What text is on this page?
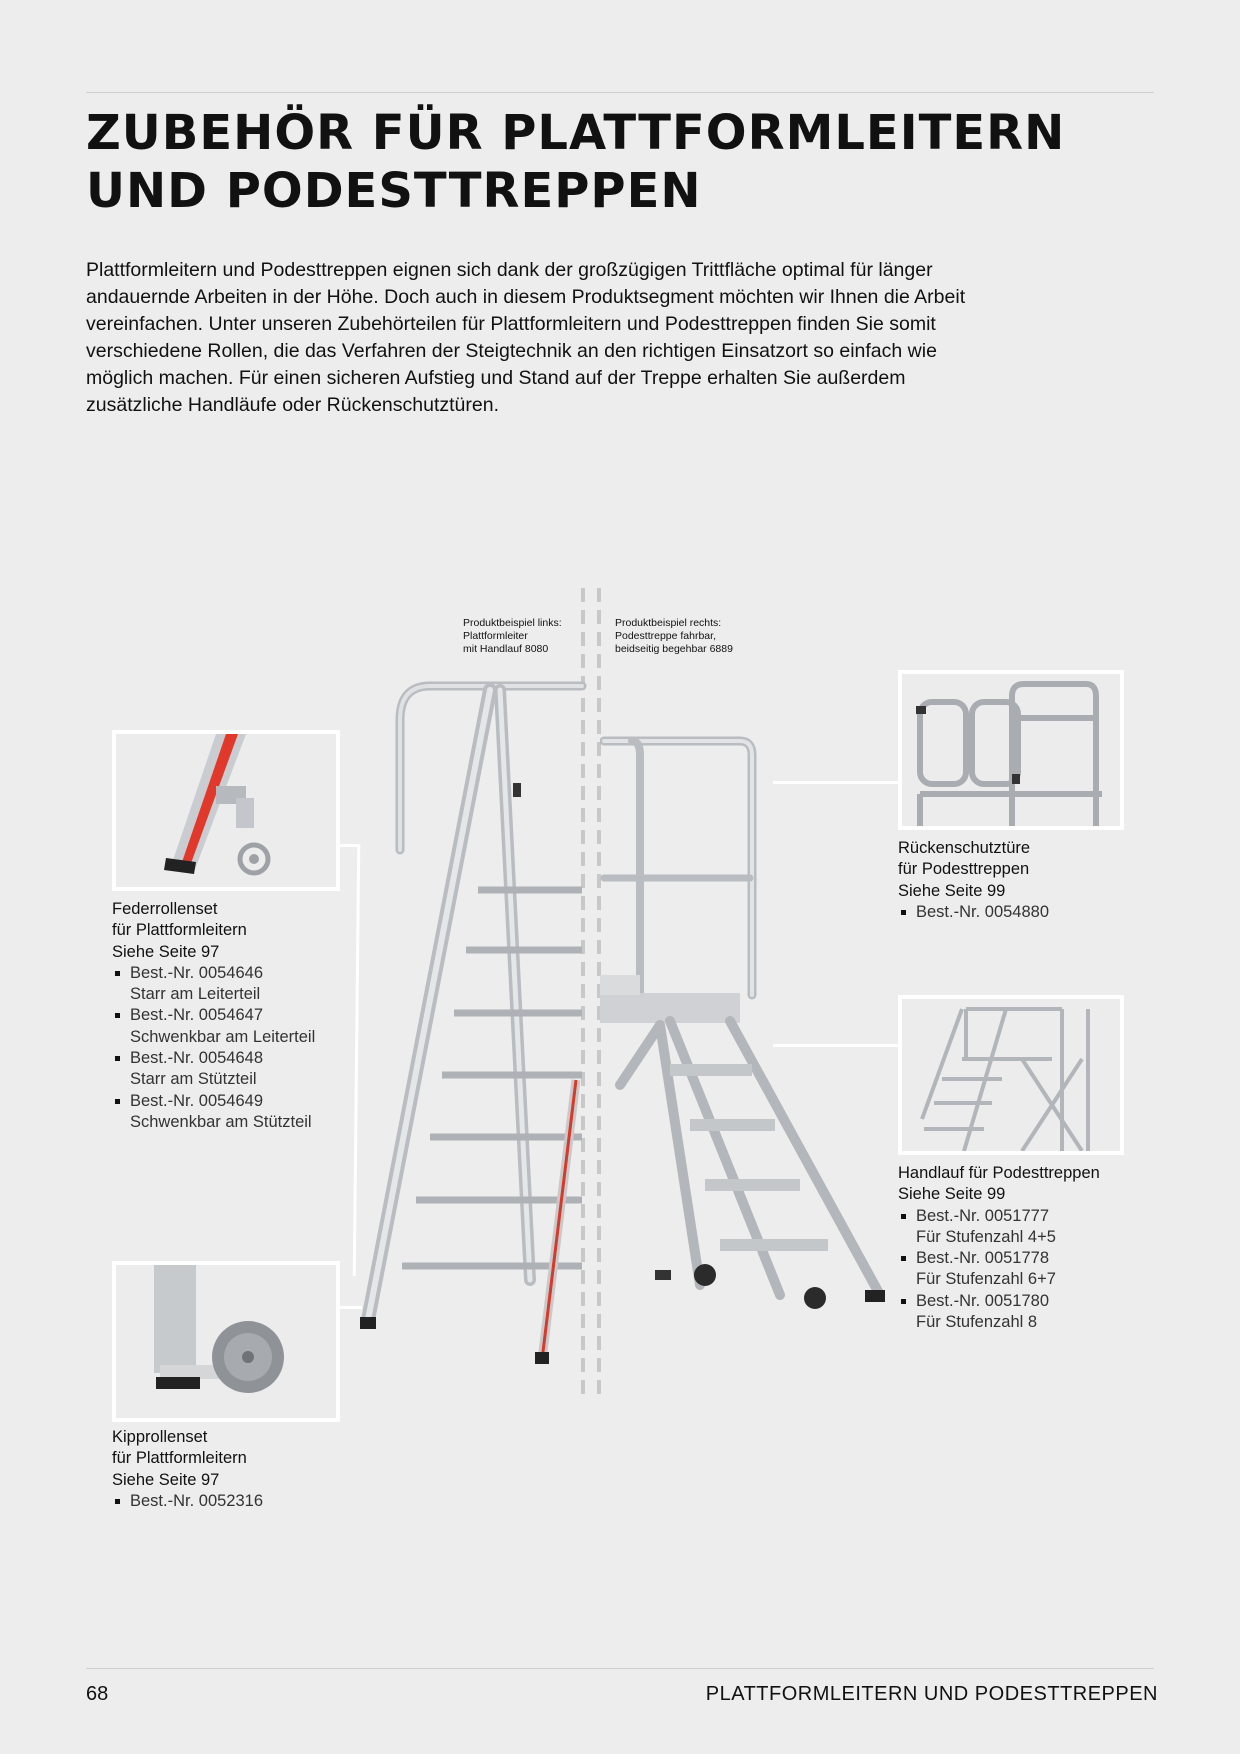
ZUBEHÖR FÜR PLATTFORMLEITERN
UND PODESTTREPPEN

Plattformleitern und Podesttreppen eignen sich dank der großzügigen Trittfläche optimal für länger andauernde Arbeiten in der Höhe. Doch auch in diesem Produktsegment möchten wir Ihnen die Arbeit vereinfachen. Unter unseren Zubehörteilen für Plattformleitern und Podesttreppen finden Sie somit verschiedene Rollen, die das Verfahren der Steigtechnik an den richtigen Einsatzort so einfach wie möglich machen. Für einen sicheren Aufstieg und Stand auf der Treppe erhalten Sie außerdem zusätzliche Handläufe oder Rückenschutztüren.

Produktbeispiel links:
Plattformleiter
mit Handlauf 8080
Produktbeispiel rechts:
Podesttreppe fahrbar,
beidseitig begehbar 6889
Federrollenset
für Plattformleitern
Siehe Seite 97
Best.-Nr. 0054646
Starr am Leiterteil
Best.-Nr. 0054647
Schwenkbar am Leiterteil
Best.-Nr. 0054648
Starr am Stützteil
Best.-Nr. 0054649
Schwenkbar am Stützteil
Kipprollenset
für Plattformleitern
Siehe Seite 97
Best.-Nr. 0052316
Rückenschutztüre
für Podesttreppen
Siehe Seite 99
Best.-Nr. 0054880
Handlauf für Podesttreppen
Siehe Seite 99
Best.-Nr. 0051777
Für Stufenzahl 4+5
Best.-Nr. 0051778
Für Stufenzahl 6+7
Best.-Nr. 0051780
Für Stufenzahl 8
68	PLATTFORMLEITERN UND PODESTTREPPEN
